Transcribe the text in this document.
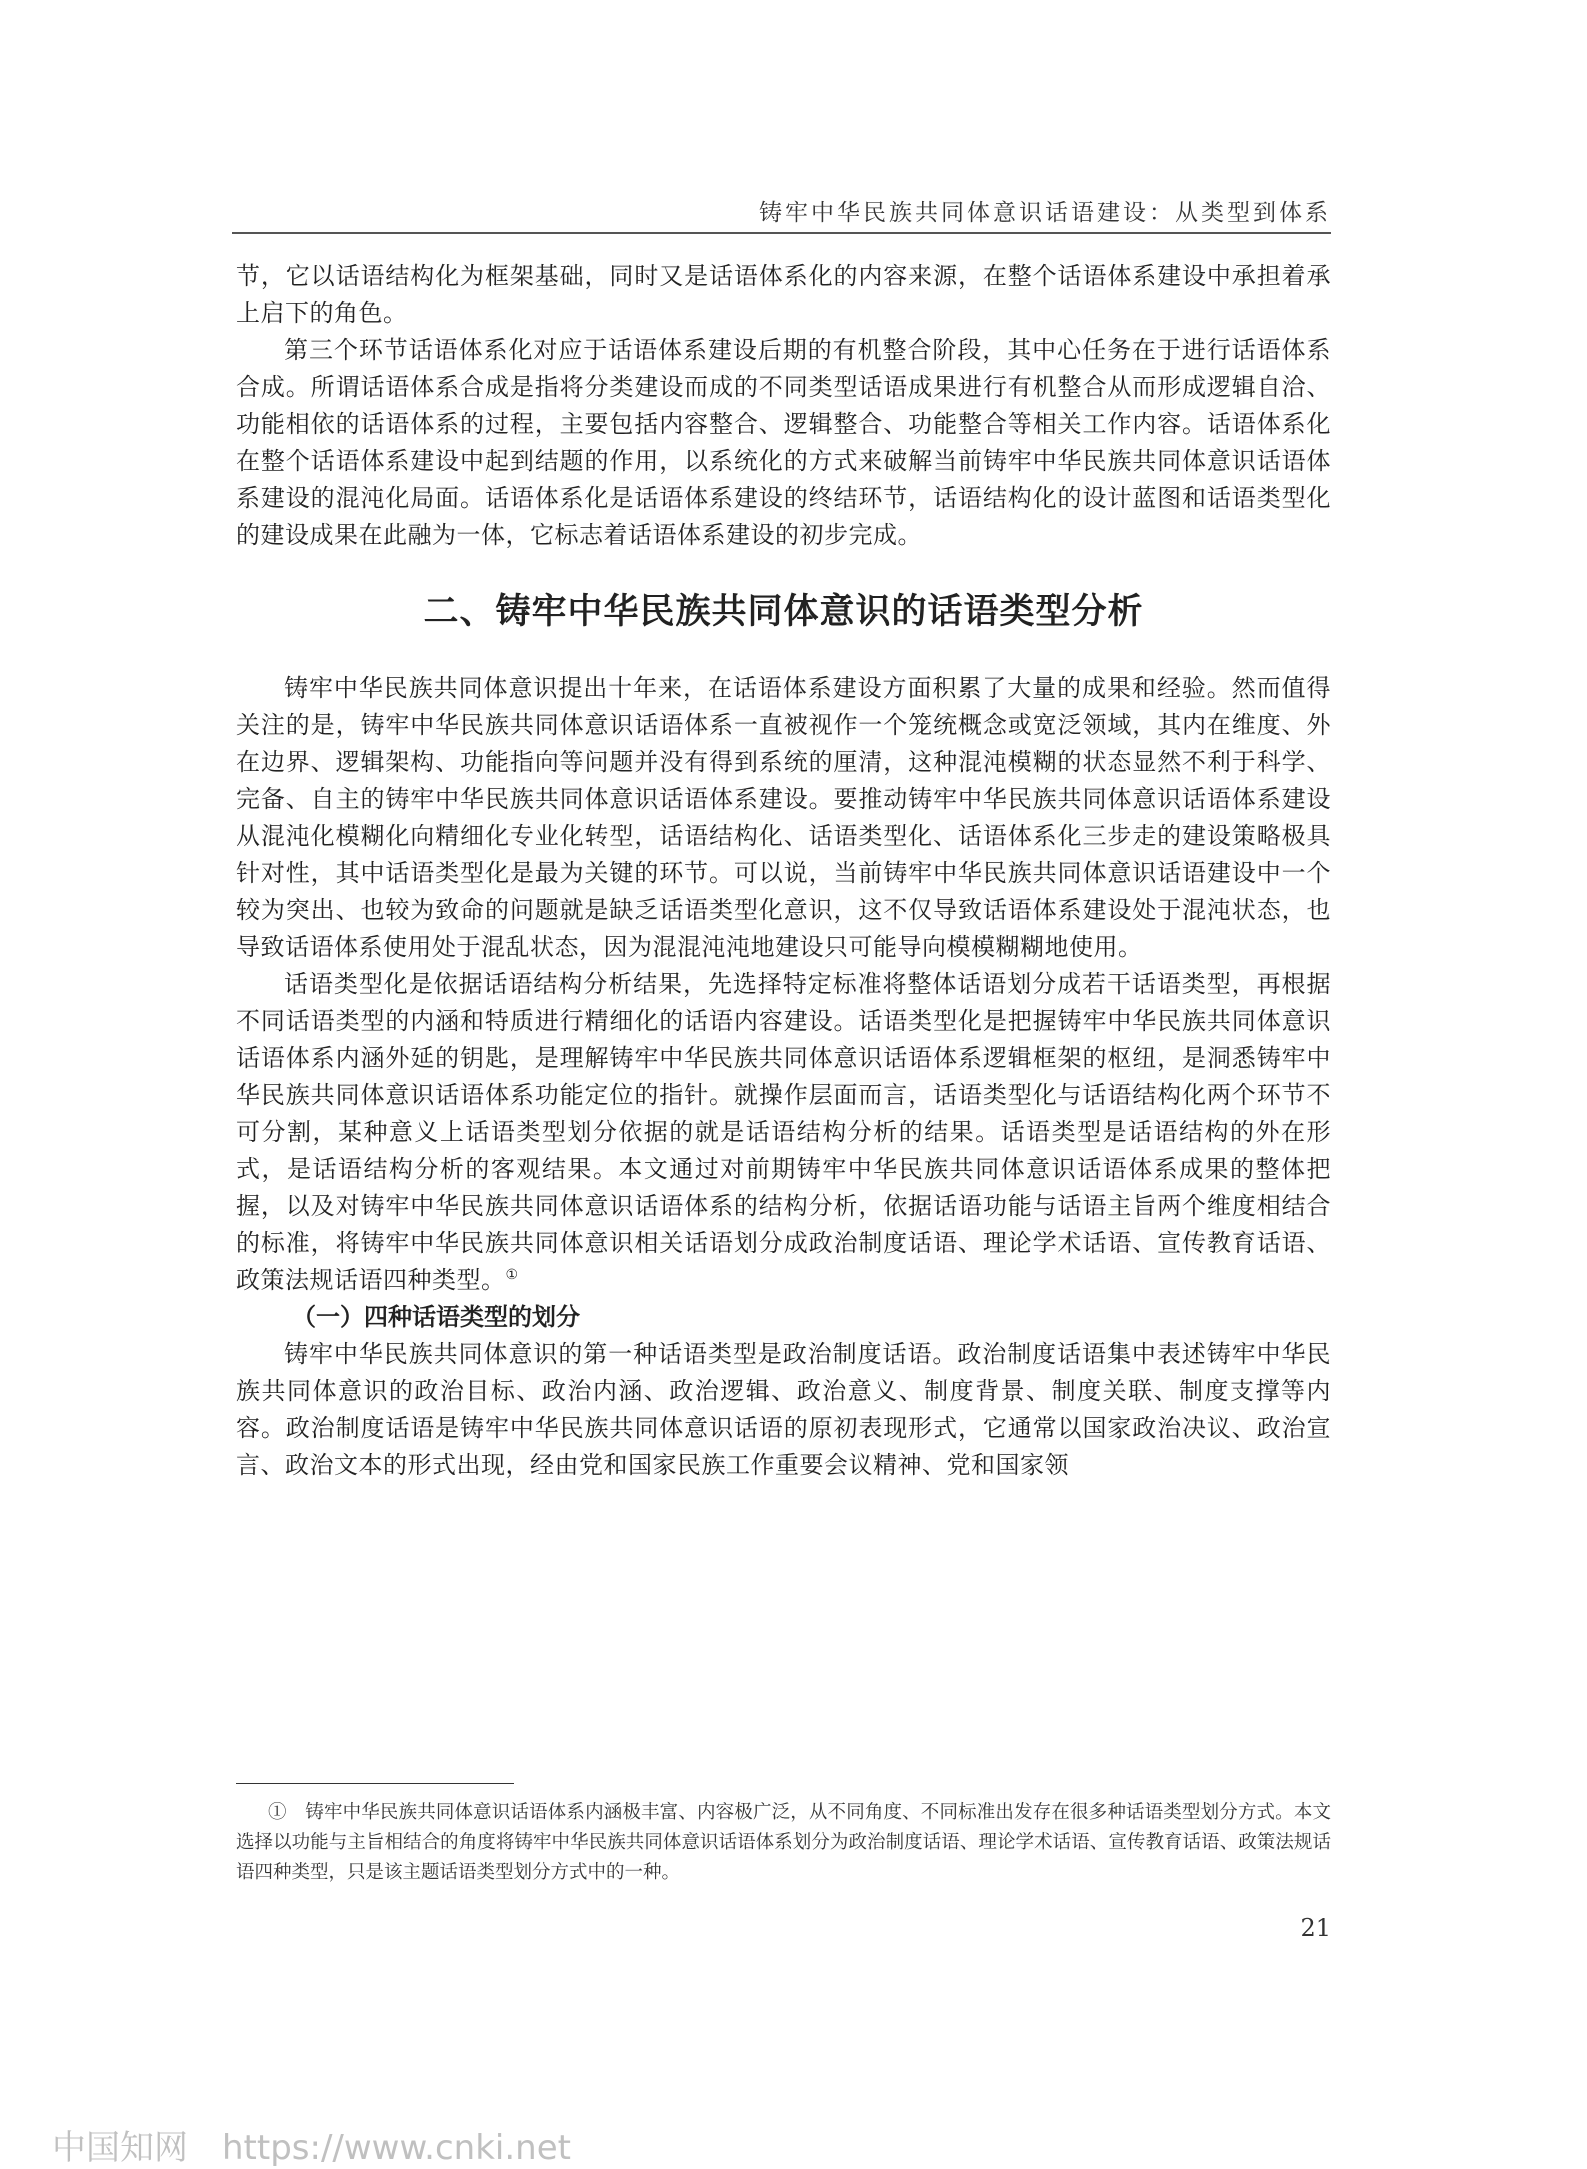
铸牢中华民族共同体意识话语建设：从类型到体系

节，它以话语结构化为框架基础，同时又是话语体系化的内容来源，在整个话语体系建设中承担着承上启下的角色。

第三个环节话语体系化对应于话语体系建设后期的有机整合阶段，其中心任务在于进行话语体系合成。所谓话语体系合成是指将分类建设而成的不同类型话语成果进行有机整合从而形成逻辑自洽、功能相依的话语体系的过程，主要包括内容整合、逻辑整合、功能整合等相关工作内容。话语体系化在整个话语体系建设中起到结题的作用，以系统化的方式来破解当前铸牢中华民族共同体意识话语体系建设的混沌化局面。话语体系化是话语体系建设的终结环节，话语结构化的设计蓝图和话语类型化的建设成果在此融为一体，它标志着话语体系建设的初步完成。

二、铸牢中华民族共同体意识的话语类型分析

铸牢中华民族共同体意识提出十年来，在话语体系建设方面积累了大量的成果和经验。然而值得关注的是，铸牢中华民族共同体意识话语体系一直被视作一个笼统概念或宽泛领域，其内在维度、外在边界、逻辑架构、功能指向等问题并没有得到系统的厘清，这种混沌模糊的状态显然不利于科学、完备、自主的铸牢中华民族共同体意识话语体系建设。要推动铸牢中华民族共同体意识话语体系建设从混沌化模糊化向精细化专业化转型，话语结构化、话语类型化、话语体系化三步走的建设策略极具针对性，其中话语类型化是最为关键的环节。可以说，当前铸牢中华民族共同体意识话语建设中一个较为突出、也较为致命的问题就是缺乏话语类型化意识，这不仅导致话语体系建设处于混沌状态，也导致话语体系使用处于混乱状态，因为混混沌沌地建设只可能导向模模糊糊地使用。

话语类型化是依据话语结构分析结果，先选择特定标准将整体话语划分成若干话语类型，再根据不同话语类型的内涵和特质进行精细化的话语内容建设。话语类型化是把握铸牢中华民族共同体意识话语体系内涵外延的钥匙，是理解铸牢中华民族共同体意识话语体系逻辑框架的枢纽，是洞悉铸牢中华民族共同体意识话语体系功能定位的指针。就操作层面而言，话语类型化与话语结构化两个环节不可分割，某种意义上话语类型划分依据的就是话语结构分析的结果。话语类型是话语结构的外在形式，是话语结构分析的客观结果。本文通过对前期铸牢中华民族共同体意识话语体系成果的整体把握，以及对铸牢中华民族共同体意识话语体系的结构分析，依据话语功能与话语主旨两个维度相结合的标准，将铸牢中华民族共同体意识相关话语划分成政治制度话语、理论学术话语、宣传教育话语、政策法规话语四种类型。①

（一）四种话语类型的划分

铸牢中华民族共同体意识的第一种话语类型是政治制度话语。政治制度话语集中表述铸牢中华民族共同体意识的政治目标、政治内涵、政治逻辑、政治意义、制度背景、制度关联、制度支撑等内容。政治制度话语是铸牢中华民族共同体意识话语的原初表现形式，它通常以国家政治决议、政治宣言、政治文本的形式出现，经由党和国家民族工作重要会议精神、党和国家领

①　铸牢中华民族共同体意识话语体系内涵极丰富、内容极广泛，从不同角度、不同标准出发存在很多种话语类型划分方式。本文选择以功能与主旨相结合的角度将铸牢中华民族共同体意识话语体系划分为政治制度话语、理论学术话语、宣传教育话语、政策法规话语四种类型，只是该主题话语类型划分方式中的一种。

21
中国知网 https://www.cnki.net
